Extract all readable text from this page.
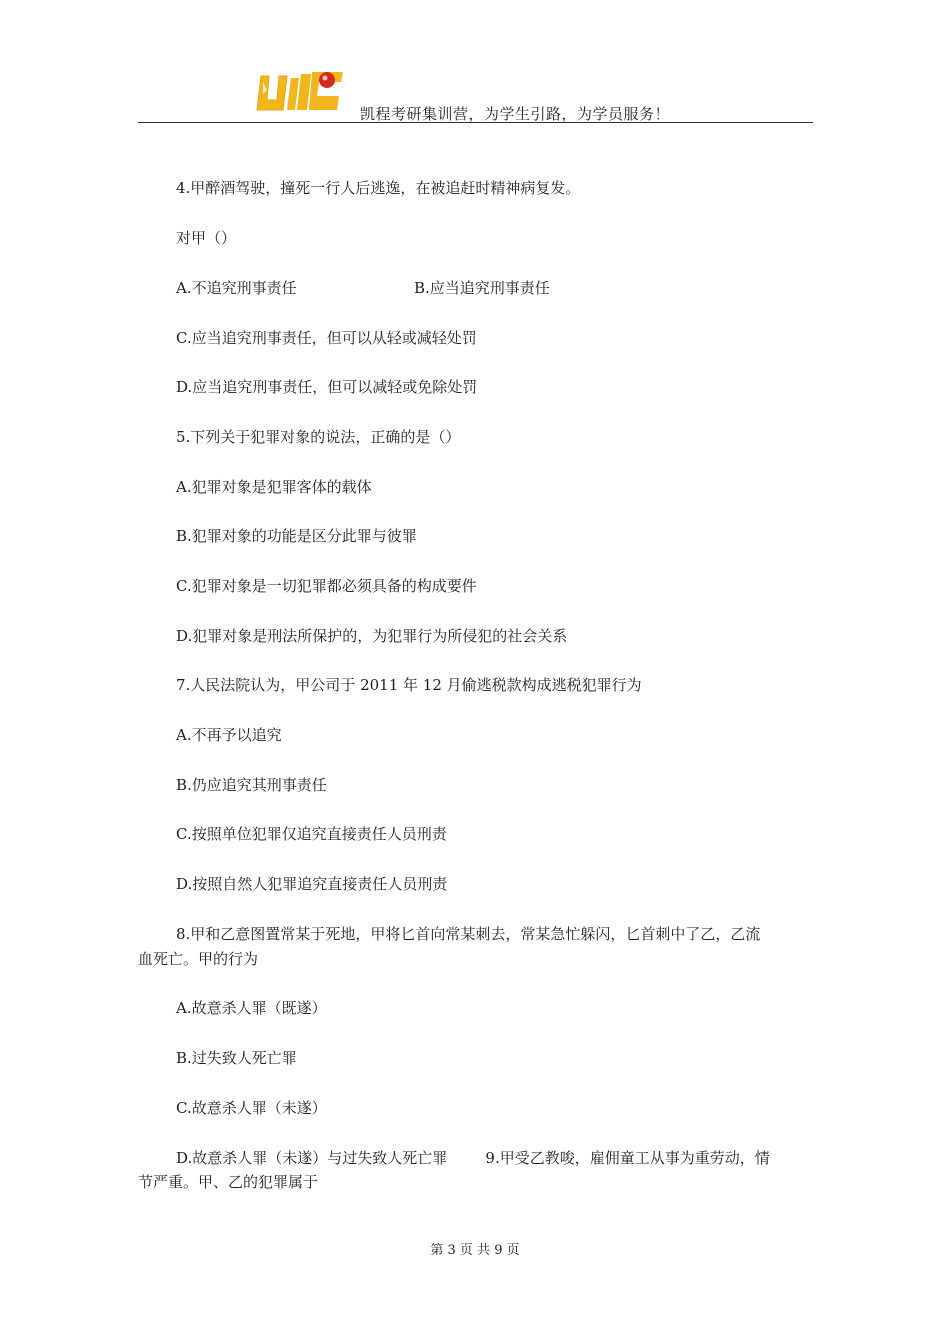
凯程考研集训营，为学生引路，为学员服务！
4.甲醉酒驾驶，撞死一行人后逃逸，在被追赶时精神病复发。
对甲（）
A.不追究刑事责任	B.应当追究刑事责任
C.应当追究刑事责任，但可以从轻或减轻处罚
D.应当追究刑事责任，但可以减轻或免除处罚
5.下列关于犯罪对象的说法，正确的是（）
A.犯罪对象是犯罪客体的载体
B.犯罪对象的功能是区分此罪与彼罪
C.犯罪对象是一切犯罪都必须具备的构成要件
D.犯罪对象是刑法所保护的，为犯罪行为所侵犯的社会关系
7.人民法院认为，甲公司于 2011 年 12 月偷逃税款构成逃税犯罪行为
A.不再予以追究
B.仍应追究其刑事责任
C.按照单位犯罪仅追究直接责任人员刑责
D.按照自然人犯罪追究直接责任人员刑责
8.甲和乙意图置常某于死地，甲将匕首向常某刺去，常某急忙躲闪，匕首刺中了乙，乙流
血死亡。甲的行为
A.故意杀人罪（既遂）
B.过失致人死亡罪
C.故意杀人罪（未遂）
D.故意杀人罪（未遂）与过失致人死亡罪        9.甲受乙教唆，雇佣童工从事为重劳动，情
节严重。甲、乙的犯罪属于
第 3 页 共 9 页
